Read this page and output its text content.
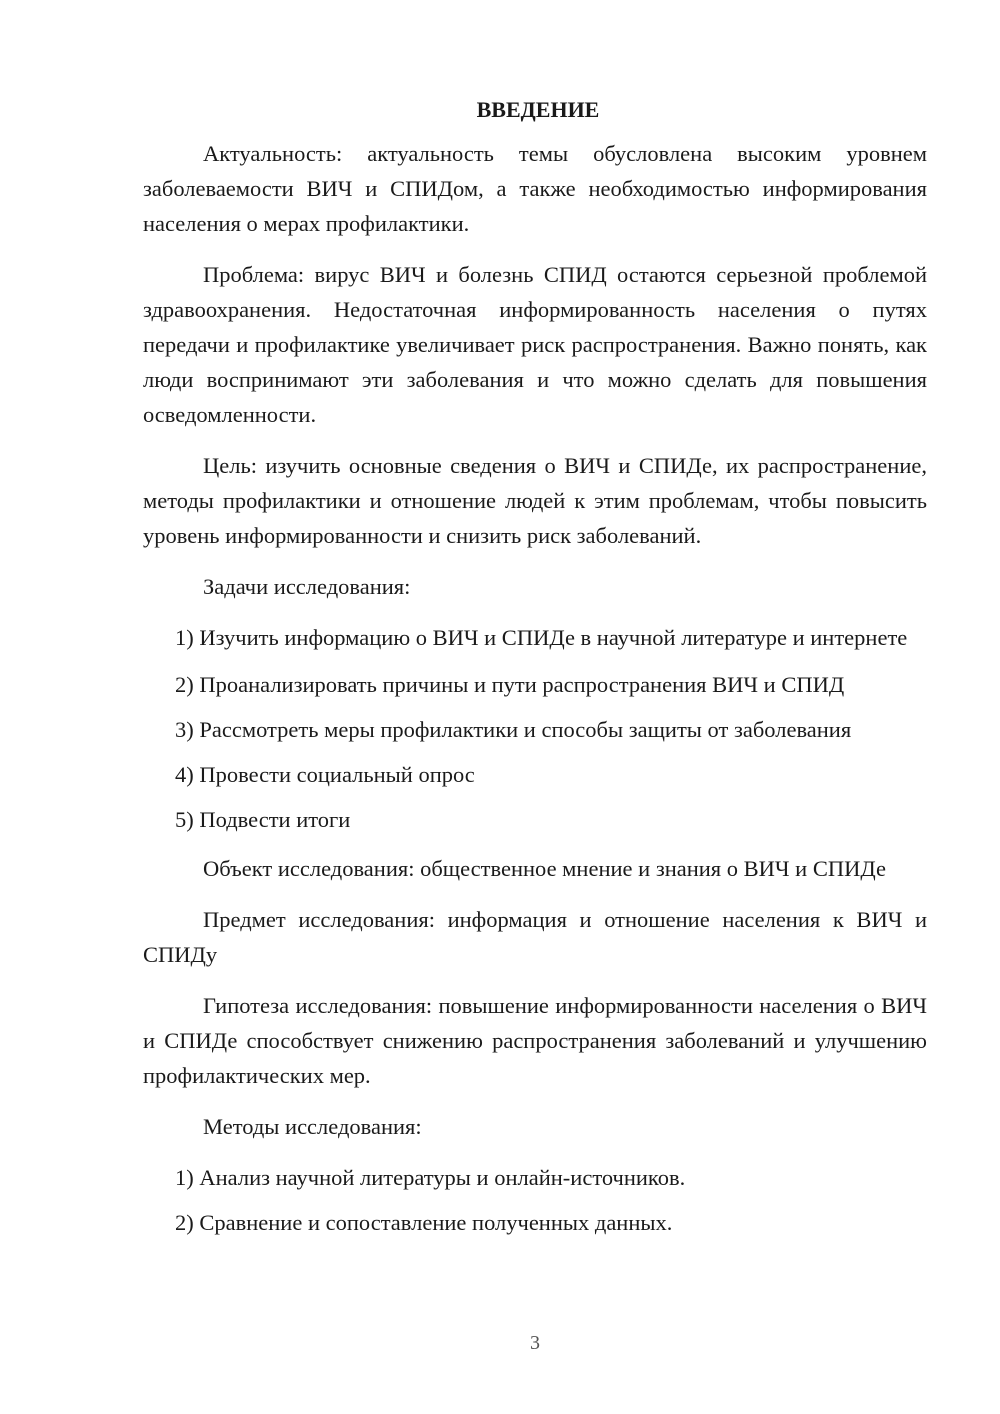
ВВЕДЕНИЕ

Актуальность: актуальность темы обусловлена высоким уровнем заболеваемости ВИЧ и СПИДом, а также необходимостью информирования населения о мерах профилактики.

Проблема: вирус ВИЧ и болезнь СПИД остаются серьезной проблемой здравоохранения. Недостаточная информированность населения о путях передачи и профилактике увеличивает риск распространения. Важно понять, как люди воспринимают эти заболевания и что можно сделать для повышения осведомленности.

Цель: изучить основные сведения о ВИЧ и СПИДе, их распространение, методы профилактики и отношение людей к этим проблемам, чтобы повысить уровень информированности и снизить риск заболеваний.

Задачи исследования:

1) Изучить информацию о ВИЧ и СПИДе в научной литературе и интернете

2) Проанализировать причины и пути распространения ВИЧ и СПИД

3) Рассмотреть меры профилактики и способы защиты от заболевания

4) Провести социальный опрос

5) Подвести итоги

Объект исследования: общественное мнение и знания о ВИЧ и СПИДе

Предмет исследования: информация и отношение населения к ВИЧ и СПИДу

Гипотеза исследования: повышение информированности населения о ВИЧ и СПИДе способствует снижению распространения заболеваний и улучшению профилактических мер.

Методы исследования:

1) Анализ научной литературы и онлайн-источников.

2) Сравнение и сопоставление полученных данных.

3
